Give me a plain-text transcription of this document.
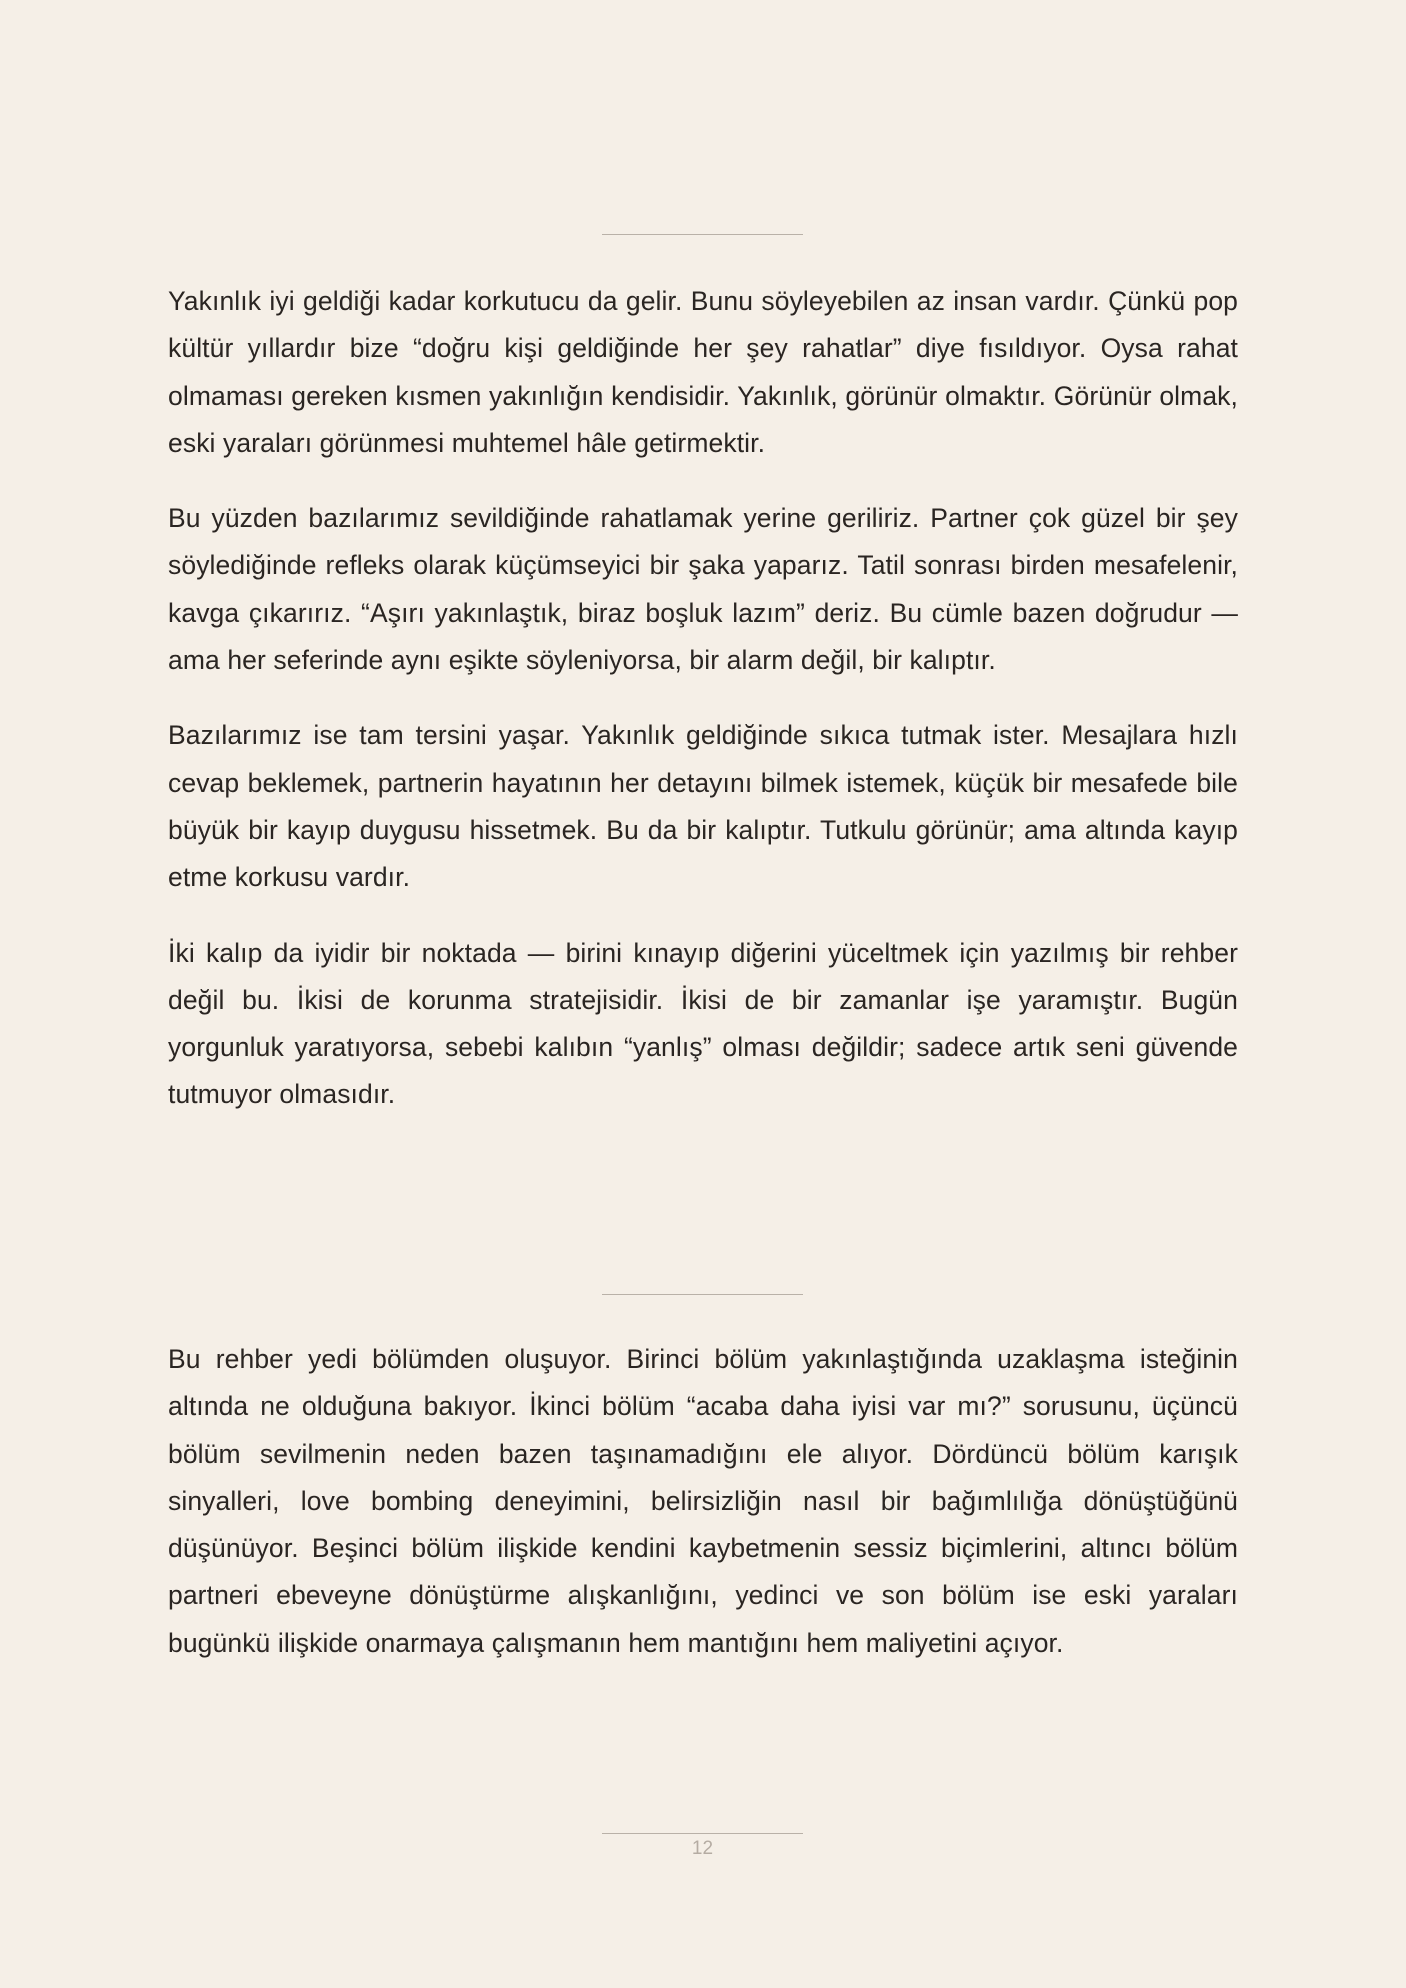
Yakınlık iyi geldiği kadar korkutucu da gelir. Bunu söyleyebilen az insan vardır. Çünkü pop kültür yıllardır bize “doğru kişi geldiğinde her şey rahatlar” diye fısıldıyor. Oysa rahat olmaması gereken kısmen yakınlığın kendisidir. Yakınlık, görünür olmaktır. Görünür olmak, eski yaraları görünmesi muhtemel hâle getirmektir.

Bu yüzden bazılarımız sevildiğinde rahatlamak yerine geriliriz. Partner çok güzel bir şey söylediğinde refleks olarak küçümseyici bir şaka yaparız. Tatil sonrası birden mesafelenir, kavga çıkarırız. “Aşırı yakınlaştık, biraz boşluk lazım” deriz. Bu cümle bazen doğrudur — ama her seferinde aynı eşikte söyleniyorsa, bir alarm değil, bir kalıptır.

Bazılarımız ise tam tersini yaşar. Yakınlık geldiğinde sıkıca tutmak ister. Mesajlara hızlı cevap beklemek, partnerin hayatının her detayını bilmek istemek, küçük bir mesafede bile büyük bir kayıp duygusu hissetmek. Bu da bir kalıptır. Tutkulu görünür; ama altında kayıp etme korkusu vardır.

İki kalıp da iyidir bir noktada — birini kınayıp diğerini yüceltmek için yazılmış bir rehber değil bu. İkisi de korunma stratejisidir. İkisi de bir zamanlar işe yaramıştır. Bugün yorgunluk yaratıyorsa, sebebi kalıbın “yanlış” olması değildir; sadece artık seni güvende tutmuyor olmasıdır.

Bu rehber yedi bölümden oluşuyor. Birinci bölüm yakınlaştığında uzaklaşma isteğinin altında ne olduğuna bakıyor. İkinci bölüm “acaba daha iyisi var mı?” sorusunu, üçüncü bölüm sevilmenin neden bazen taşınamadığını ele alıyor. Dördüncü bölüm karışık sinyalleri, love bombing deneyimini, belirsizliğin nasıl bir bağımlılığa dönüştüğünü düşünüyor. Beşinci bölüm ilişkide kendini kaybetmenin sessiz biçimlerini, altıncı bölüm partneri ebeveyne dönüştürme alışkanlığını, yedinci ve son bölüm ise eski yaraları bugünkü ilişkide onarmaya çalışmanın hem mantığını hem maliyetini açıyor.

12
